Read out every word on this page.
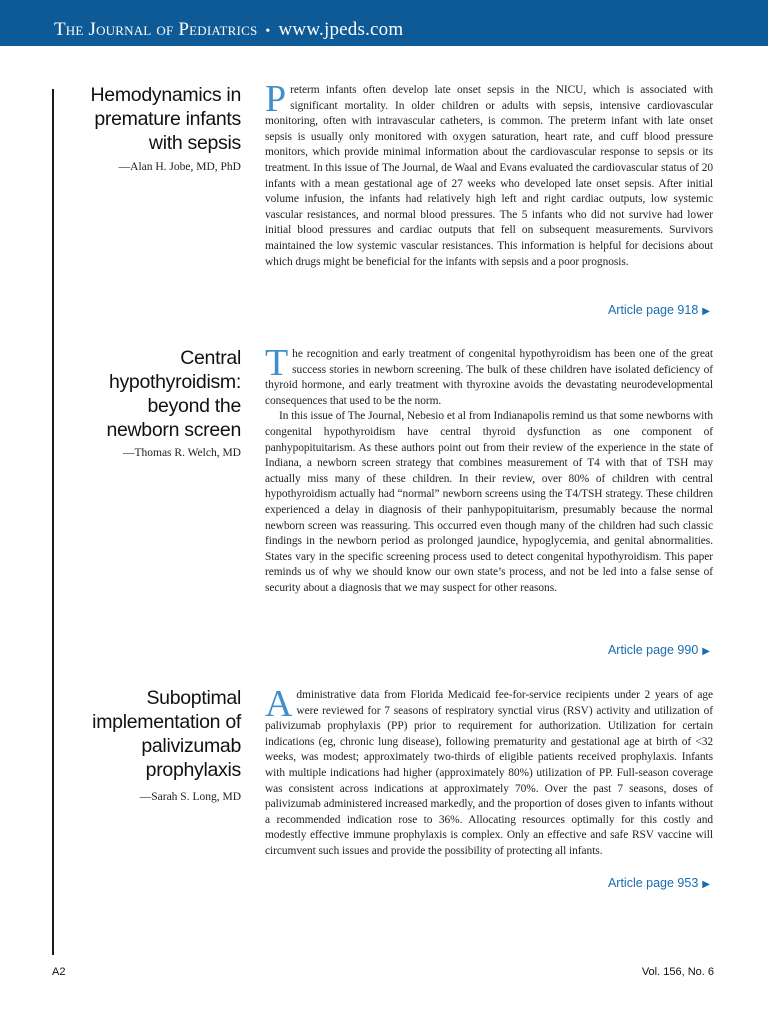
The Journal of Pediatrics • www.jpeds.com
Hemodynamics in
premature infants
with sepsis
—Alan H. Jobe, MD, PhD

Preterm infants often develop late onset sepsis in the NICU, which is associated with significant mortality. In older children or adults with sepsis, intensive cardiovascular monitoring, often with intravascular catheters, is common. The preterm infant with late onset sepsis is usually only monitored with oxygen saturation, heart rate, and cuff blood pressure monitors, which provide minimal information about the cardiovascular response to sepsis or its treatment. In this issue of The Journal, de Waal and Evans evaluated the cardiovascular status of 20 infants with a mean gestational age of 27 weeks who developed late onset sepsis. After initial volume infusion, the infants had relatively high left and right cardiac outputs, low systemic vascular resistances, and normal blood pressures. The 5 infants who did not survive had lower initial blood pressures and cardiac outputs that fell on subsequent measurements. Survivors maintained the low systemic vascular resistances. This information is helpful for decisions about which drugs might be beneficial for the infants with sepsis and a poor prognosis.

Article page 918 ▶
Central
hypothyroidism:
beyond the
newborn screen
—Thomas R. Welch, MD

The recognition and early treatment of congenital hypothyroidism has been one of the great success stories in newborn screening. The bulk of these children have isolated deficiency of thyroid hormone, and early treatment with thyroxine avoids the devastating neurodevelopmental consequences that used to be the norm.

In this issue of The Journal, Nebesio et al from Indianapolis remind us that some newborns with congenital hypothyroidism have central thyroid dysfunction as one component of panhypopituitarism. As these authors point out from their review of the experience in the state of Indiana, a newborn screen strategy that combines measurement of T4 with that of TSH may actually miss many of these children. In their review, over 80% of children with central hypothyroidism actually had “normal” newborn screens using the T4/TSH strategy. These children experienced a delay in diagnosis of their panhypopituitarism, presumably because the normal newborn screen was reassuring. This occurred even though many of the children had such classic findings in the newborn period as prolonged jaundice, hypoglycemia, and genital abnormalities. States vary in the specific screening process used to detect congenital hypothyroidism. This paper reminds us of why we should know our own state’s process, and not be led into a false sense of security about a diagnosis that we may suspect for other reasons.

Article page 990 ▶
Suboptimal
implementation of
palivizumab
prophylaxis
—Sarah S. Long, MD

Administrative data from Florida Medicaid fee-for-service recipients under 2 years of age were reviewed for 7 seasons of respiratory synctial virus (RSV) activity and utilization of palivizumab prophylaxis (PP) prior to requirement for authorization. Utilization for certain indications (eg, chronic lung disease), following prematurity and gestational age at birth of <32 weeks, was modest; approximately two-thirds of eligible patients received prophylaxis. Infants with multiple indications had higher (approximately 80%) utilization of PP. Full-season coverage was consistent across indications at approximately 70%. Over the past 7 seasons, doses of palivizumab administered increased markedly, and the proportion of doses given to infants without a recommended indication rose to 36%. Allocating resources optimally for this costly and modestly effective immune prophylaxis is complex. Only an effective and safe RSV vaccine will circumvent such issues and provide the possibility of protecting all infants.

Article page 953 ▶
A2	Vol. 156, No. 6
